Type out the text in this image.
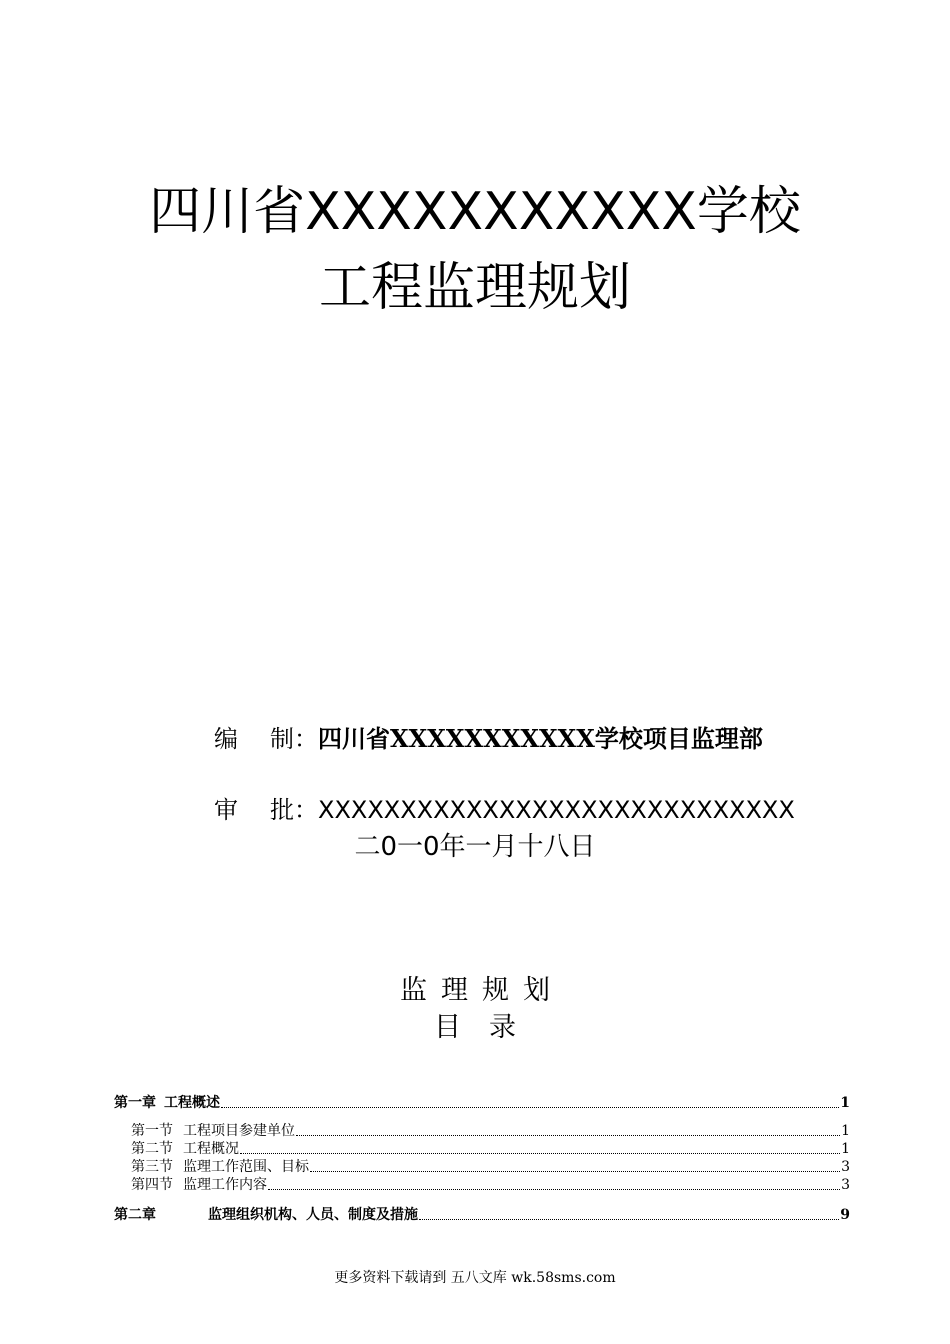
四川省XXXXXXXXXXX学校
工程监理规划
编 制：四川省XXXXXXXXXXX学校项目监理部
审 批：XXXXXXXXXXXXXXXXXXXXXXXXXXXXX
二0一0年一月十八日
监理规划
目录
第一章 工程概述	1
第一节 工程项目参建单位	1
第二节 工程概况	1
第三节 监理工作范围、目标	3
第四节 监理工作内容	3
第二章	监理组织机构、人员、制度及措施	9
更多资料下载请到 五八文库 wk.58sms.com
